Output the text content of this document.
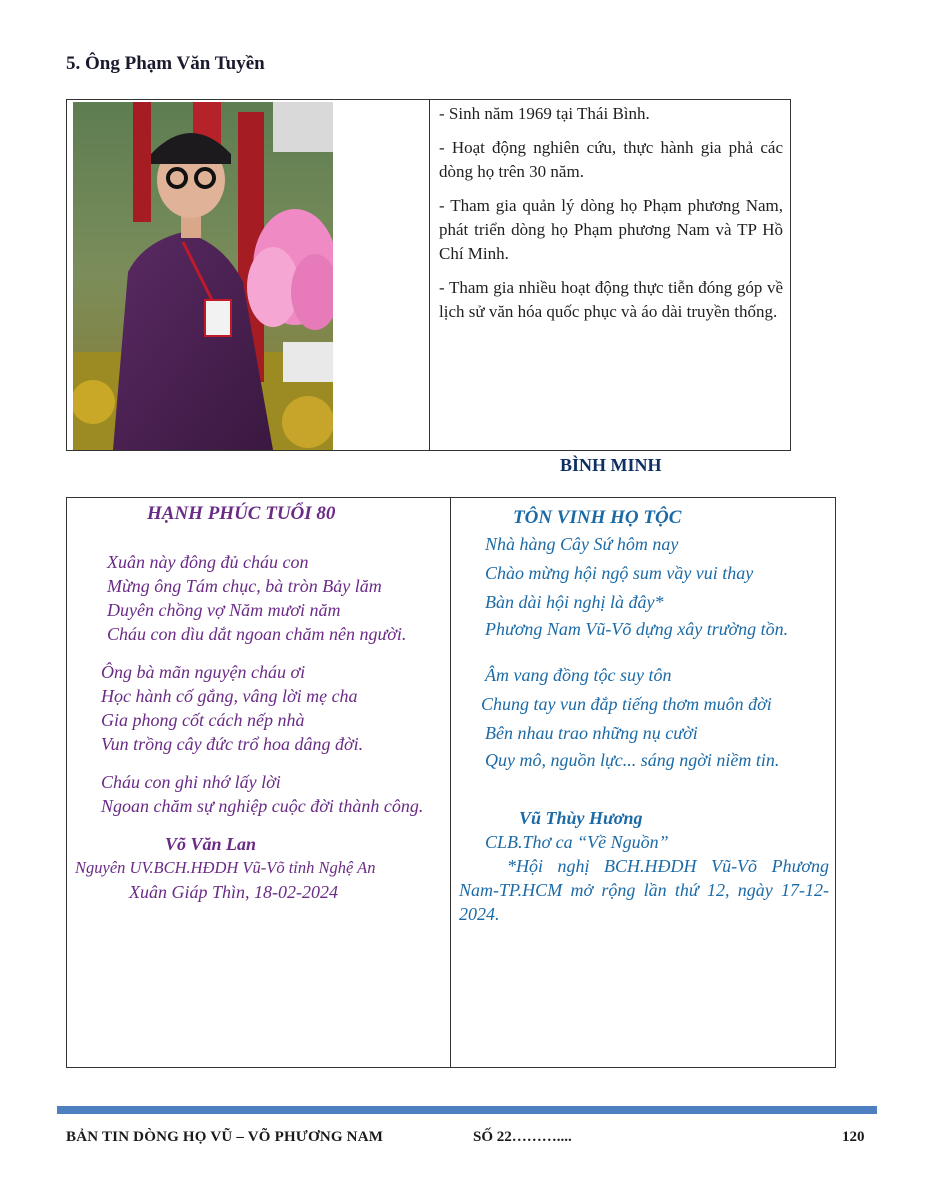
5. Ông Phạm Văn Tuyền

- Sinh năm 1969 tại Thái Bình.

- Hoạt động nghiên cứu, thực hành gia phả các dòng họ trên 30 năm.

- Tham gia quản lý dòng họ Phạm phương Nam, phát triển dòng họ Phạm phương Nam và TP Hồ Chí Minh.

- Tham gia nhiều hoạt động thực tiễn đóng góp về lịch sử văn hóa quốc phục và áo dài truyền thống.

BÌNH MINH
HẠNH PHÚC TUỔI 80
Xuân này đông đủ cháu con
Mừng ông Tám chục, bà tròn Bảy lăm
Duyên chồng vợ Năm mươi năm
Cháu con dìu dắt ngoan chăm nên người.
Ông bà mãn nguyện cháu ơi
Học hành cố gắng, vâng lời mẹ cha
Gia phong cốt cách nếp nhà
Vun trồng cây đức trổ hoa dâng đời.
Cháu con ghi nhớ lấy lời
Ngoan chăm sự nghiệp cuộc đời thành công.
Võ Văn Lan
Nguyên UV.BCH.HĐDH Vũ-Võ tỉnh Nghệ An
Xuân Giáp Thìn, 18-02-2024
TÔN VINH HỌ TỘC
Nhà hàng Cây Sứ hôm nay
Chào mừng hội ngộ sum vầy vui thay
Bàn dài hội nghị là đây*
Phương Nam Vũ-Võ dựng xây trường tồn.
Âm vang đồng tộc suy tôn
Chung tay vun đắp tiếng thơm muôn đời
Bên nhau trao những nụ cười
Quy mô, nguồn lực... sáng ngời niềm tin.
Vũ Thùy Hương
CLB.Thơ ca “Về Nguồn”
*Hội nghị BCH.HĐDH Vũ-Võ Phương Nam-TP.HCM mở rộng lần thứ 12, ngày 17-12-2024.
BẢN TIN DÒNG HỌ VŨ – VÕ PHƯƠNG NAM	SỐ 22………....	120
